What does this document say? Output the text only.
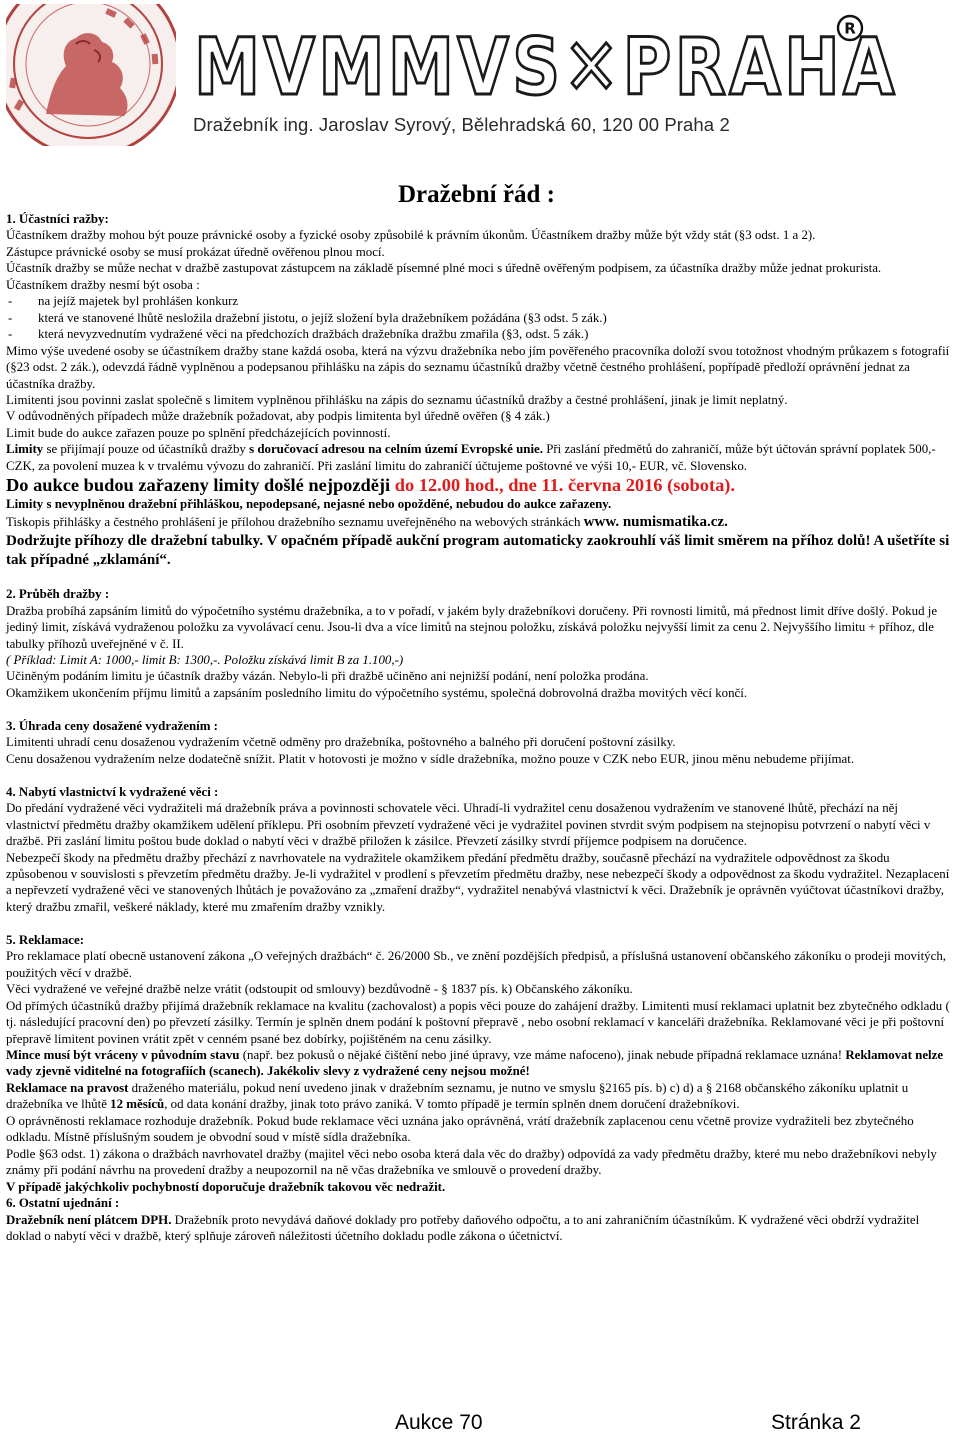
MVMMVS✕PRAHA
R
Dražebník ing. Jaroslav Syrový, Bělehradská 60, 120 00 Praha 2
Dražební řád :

1. Účastníci ražby:

Účastníkem dražby mohou být pouze právnické osoby a fyzické osoby způsobilé k právním úkonům. Účastníkem dražby může být vždy stát (§3 odst. 1 a 2).

Zástupce právnické osoby se musí prokázat úředně ověřenou plnou mocí.

Účastník dražby se může nechat v dražbě zastupovat zástupcem na základě písemné plné moci s úředně ověřeným podpisem, za účastníka dražby může jednat prokurista.

Účastníkem dražby nesmí být osoba :

- na jejíž majetek byl prohlášen konkurz

- která ve stanovené lhůtě nesložila dražební jistotu, o jejíž složení byla dražebníkem požádána (§3 odst. 5 zák.)

- která nevyzvednutím vydražené věci na předchozích dražbách dražebníka dražbu zmařila (§3, odst. 5 zák.)

Mimo výše uvedené osoby se účastníkem dražby stane každá osoba, která na výzvu dražebníka nebo jím pověřeného pracovníka doloží svou totožnost vhodným průkazem s fotografií (§23 odst. 2 zák.), odevzdá řádně vyplněnou a podepsanou přihlášku na zápis do seznamu účastníků dražby včetně čestného prohlášení, popřípadě předloží oprávnění jednat za účastníka dražby.

Limitenti jsou povinni zaslat společně s limitem vyplněnou přihlášku na zápis do seznamu účastníků dražby a čestné prohlášení, jinak je limit neplatný.

V odůvodněných případech může dražebník požadovat, aby podpis limitenta byl úředně ověřen (§ 4 zák.)

Limit bude do aukce zařazen pouze po splnění předcházejících povinností.

Limity se přijímají pouze od účastníků dražby s doručovací adresou na celním území Evropské unie. Při zaslání předmětů do zahraničí, může být účtován správní poplatek 500,- CZK, za povolení muzea k v trvalému vývozu do zahraničí. Při zaslání limitu do zahraničí účtujeme poštovné ve výši 10,- EUR, vč. Slovensko.

Do aukce budou zařazeny limity došlé nejpozději do 12.00 hod., dne 11. června 2016 (sobota).

Limity s nevyplněnou dražební přihláškou, nepodepsané, nejasné nebo opožděné, nebudou do aukce zařazeny.

Tiskopis přihlášky a čestného prohlášení je přílohou dražebního seznamu uveřejněného na webových stránkách www. numismatika.cz.

Dodržujte příhozy dle dražební tabulky. V opačném případě aukční program automaticky zaokrouhlí váš limit směrem na příhoz dolů! A ušetříte si tak případné „zklamání“.

2. Průběh dražby :

Dražba probíhá zapsáním limitů do výpočetního systému dražebníka, a to v pořadí, v jakém byly dražebníkovi doručeny. Při rovnosti limitů, má přednost limit dříve došlý. Pokud je jediný limit, získává vydraženou položku za vyvolávací cenu. Jsou-li dva a více limitů na stejnou položku, získává položku nejvyšší limit za cenu 2. Nejvyššího limitu + příhoz, dle tabulky příhozů uveřejněné v č. II.

( Příklad: Limit A: 1000,- limit B: 1300,-. Položku získává limit B za 1.100,-)

Učiněným podáním limitu je účastník dražby vázán. Nebylo-li při dražbě učiněno ani nejnižší podání, není položka prodána.

Okamžikem ukončením příjmu limitů a zapsáním posledního limitu do výpočetního systému, společná dobrovolná dražba movitých věcí končí.

3. Úhrada ceny dosažené vydražením :

Limitenti uhradí cenu dosaženou vydražením včetně odměny pro dražebníka, poštovného a balného při doručení poštovní zásilky.

Cenu dosaženou vydražením nelze dodatečně snížit. Platit v hotovosti je možno v sídle dražebníka, možno pouze v CZK nebo EUR, jinou měnu nebudeme přijímat.

4. Nabytí vlastnictví k vydražené věci :

Do předání vydražené věci vydražiteli má dražebník práva a povinnosti schovatele věci. Uhradí-li vydražitel cenu dosaženou vydražením ve stanovené lhůtě, přechází na něj vlastnictví předmětu dražby okamžikem udělení příklepu. Při osobním převzetí vydražené věci je vydražitel povinen stvrdit svým podpisem na stejnopisu potvrzení o nabytí věci v dražbě. Při zaslání limitu poštou bude doklad o nabytí věci v dražbě přiložen k zásilce. Převzetí zásilky stvrdí příjemce podpisem na doručence.

Nebezpečí škody na předmětu dražby přechází z navrhovatele na vydražitele okamžikem předání předmětu dražby, současně přechází na vydražitele odpovědnost za škodu způsobenou v souvislosti s převzetím předmětu dražby. Je-li vydražitel v prodlení s převzetím předmětu dražby, nese nebezpečí škody a odpovědnost za škodu vydražitel. Nezaplacení a nepřevzetí vydražené věci ve stanovených lhůtách je považováno za „zmaření dražby“, vydražitel nenabývá vlastnictví k věci. Dražebník je oprávněn vyúčtovat účastníkovi dražby, který dražbu zmařil, veškeré náklady, které mu zmařením dražby vznikly.

5. Reklamace:

Pro reklamace platí obecně ustanovení zákona „O veřejných dražbách“ č. 26/2000 Sb., ve znění pozdějších předpisů, a příslušná ustanovení občanského zákoníku o prodeji movitých, použitých věcí v dražbě.

Věci vydražené ve veřejné dražbě nelze vrátit (odstoupit od smlouvy) bezdůvodně - § 1837 pís. k) Občanského zákoníku.

Od přímých účastníků dražby přijímá dražebník reklamace na kvalitu (zachovalost) a popis věci pouze do zahájení dražby. Limitenti musí reklamaci uplatnit bez zbytečného odkladu ( tj. následující pracovní den) po převzetí zásilky. Termín je splněn dnem podání k poštovní přepravě , nebo osobní reklamací v kanceláři dražebníka. Reklamované věci je při poštovní přepravě limitent povinen vrátit zpět v cenném psané bez dobírky, pojištěném na cenu zásilky.

Mince musí být vráceny v původním stavu (např. bez pokusů o nějaké čištění nebo jiné úpravy, vze máme nafoceno), jinak nebude případná reklamace uznána! Reklamovat nelze vady zjevně viditelné na fotografiích (scanech). Jakékoliv slevy z vydražené ceny nejsou možné!

Reklamace na pravost draženého materiálu, pokud není uvedeno jinak v dražebním seznamu, je nutno ve smyslu §2165 pís. b) c) d) a § 2168 občanského zákoníku uplatnit u dražebníka ve lhůtě 12 měsíců, od data konání dražby, jinak toto právo zaniká. V tomto případě je termín splněn dnem doručení dražebníkovi.

O oprávněnosti reklamace rozhoduje dražebník. Pokud bude reklamace věci uznána jako oprávněná, vrátí dražebník zaplacenou cenu včetně provize vydražiteli bez zbytečného odkladu. Místně příslušným soudem je obvodní soud v místě sídla dražebníka.

Podle §63 odst. 1) zákona o dražbách navrhovatel dražby (majitel věci nebo osoba která dala věc do dražby) odpovídá za vady předmětu dražby, které mu nebo dražebníkovi nebyly známy při podání návrhu na provedení dražby a neupozornil na ně včas dražebníka ve smlouvě o provedení dražby.

V případě jakýchkoliv pochybností doporučuje dražebník takovou věc nedražit.

6. Ostatní ujednání :

Dražebník není plátcem DPH. Dražebník proto nevydává daňové doklady pro potřeby daňového odpočtu, a to ani zahraničním účastníkům. K vydražené věci obdrží vydražitel doklad o nabytí věci v dražbě, který splňuje zároveň náležitosti účetního dokladu podle zákona o účetnictví.

Aukce 70	Stránka 2
